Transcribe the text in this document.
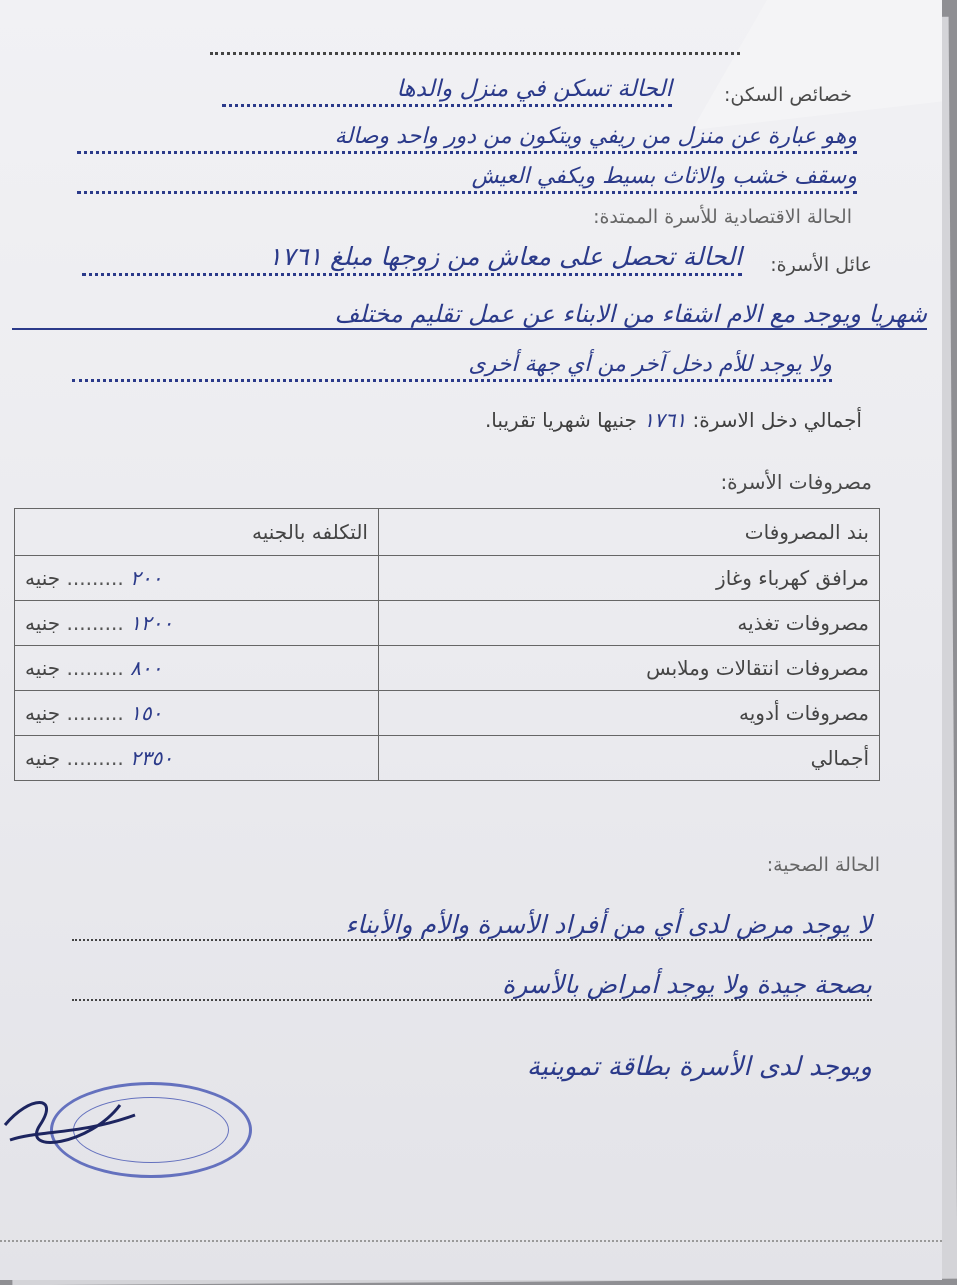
خصائص السكن:
الحالة تسكن في منزل والدها
وهو عبارة عن منزل من ريفي ويتكون من دور واحد وصالة
وسقف خشب والاثاث بسيط ويكفي العيش
الحالة الاقتصادية للأسرة الممتدة:
عائل الأسرة:
الحالة تحصل على معاش من زوجها مبلغ ١٧٦١
شهريا ويوجد مع الام اشقاء من الابناء عن عمل تقليم مختلف
ولا يوجد للأم دخل آخر من أي جهة أخرى
أجمالي دخل الاسرة: ١٧٦١ جنيها شهريا تقريبا.
مصروفات الأسرة:
بند المصروفات	التكلفه بالجنيه
مرافق كهرباء وغاز	٢٠٠ ......... جنيه
مصروفات تغذيه	١٢٠٠ ......... جنيه
مصروفات انتقالات وملابس	٨٠٠ ......... جنيه
مصروفات أدويه	١٥٠ ......... جنيه
أجمالي	٢٣٥٠ ......... جنيه
الحالة الصحية:
لا يوجد مرض لدى أي من أفراد الأسرة والأم والأبناء
بصحة جيدة ولا يوجد أمراض بالأسرة
ويوجد لدى الأسرة بطاقة تموينية
